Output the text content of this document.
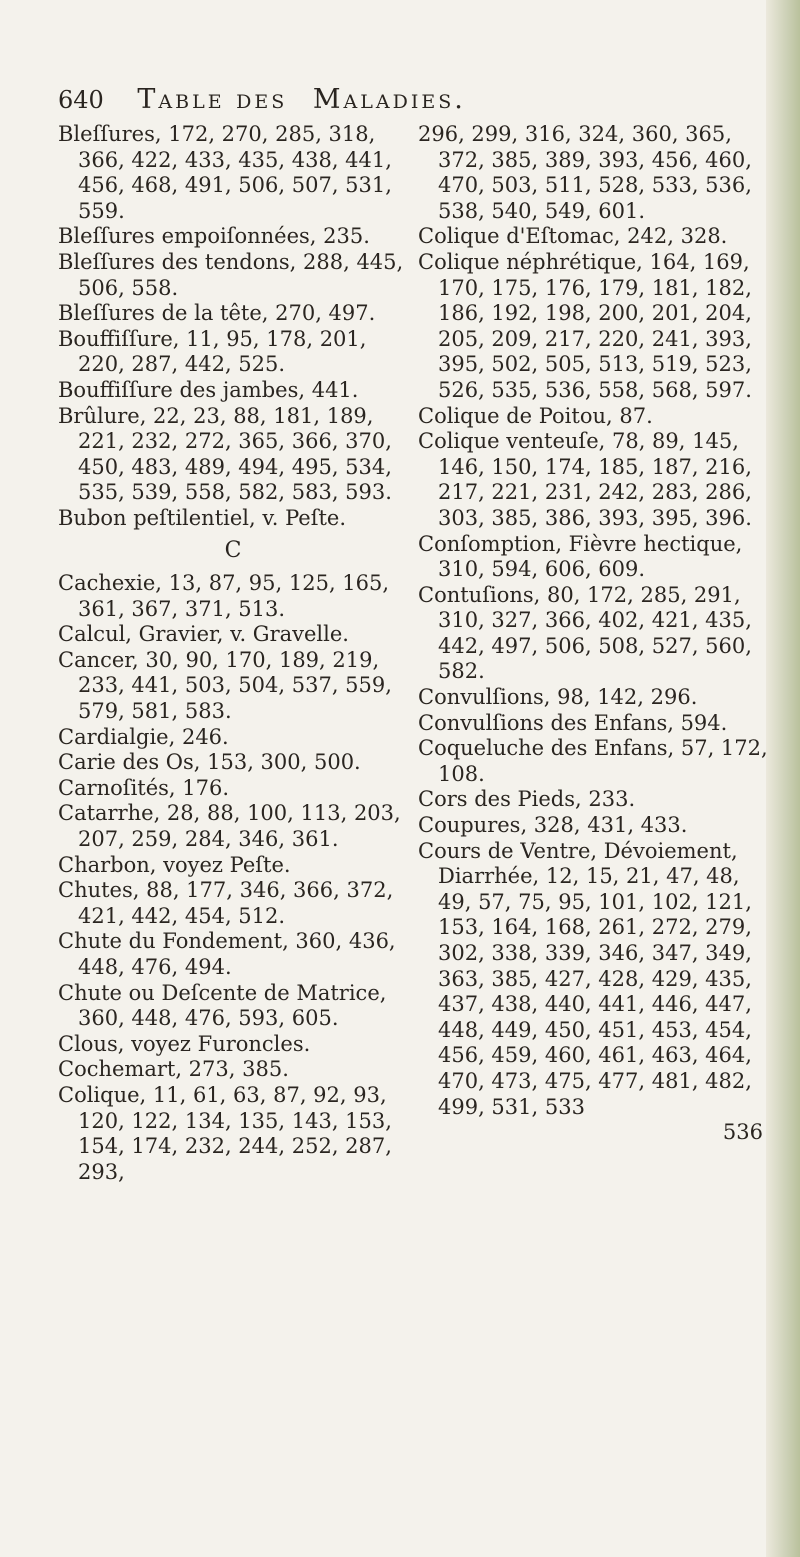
640 Table des Maladies.

Bleſſures, 172, 270, 285, 318, 366, 422, 433, 435, 438, 441, 456, 468, 491, 506, 507, 531, 559.

Bleſſures empoiſonnées, 235.

Bleſſures des tendons, 288, 445, 506, 558.

Bleſſures de la tête, 270, 497.

Bouffiſſure, 11, 95, 178, 201, 220, 287, 442, 525.

Bouffiſſure des jambes, 441.

Brûlure, 22, 23, 88, 181, 189, 221, 232, 272, 365, 366, 370, 450, 483, 489, 494, 495, 534, 535, 539, 558, 582, 583, 593.

Bubon peſtilentiel, v. Peſte.

C

Cachexie, 13, 87, 95, 125, 165, 361, 367, 371, 513.

Calcul, Gravier, v. Gravelle.

Cancer, 30, 90, 170, 189, 219, 233, 441, 503, 504, 537, 559, 579, 581, 583.

Cardialgie, 246.

Carie des Os, 153, 300, 500.

Carnoſités, 176.

Catarrhe, 28, 88, 100, 113, 203, 207, 259, 284, 346, 361.

Charbon, voyez Peſte.

Chutes, 88, 177, 346, 366, 372, 421, 442, 454, 512.

Chute du Fondement, 360, 436, 448, 476, 494.

Chute ou Deſcente de Matrice, 360, 448, 476, 593, 605.

Clous, voyez Furoncles.

Cochemart, 273, 385.

Colique, 11, 61, 63, 87, 92, 93, 120, 122, 134, 135, 143, 153, 154, 174, 232, 244, 252, 287, 293,

296, 299, 316, 324, 360, 365, 372, 385, 389, 393, 456, 460, 470, 503, 511, 528, 533, 536, 538, 540, 549, 601.

Colique d'Eſtomac, 242, 328.

Colique néphrétique, 164, 169, 170, 175, 176, 179, 181, 182, 186, 192, 198, 200, 201, 204, 205, 209, 217, 220, 241, 393, 395, 502, 505, 513, 519, 523, 526, 535, 536, 558, 568, 597.

Colique de Poitou, 87.

Colique venteuſe, 78, 89, 145, 146, 150, 174, 185, 187, 216, 217, 221, 231, 242, 283, 286, 303, 385, 386, 393, 395, 396.

Conſomption, Fièvre hectique, 310, 594, 606, 609.

Contuſions, 80, 172, 285, 291, 310, 327, 366, 402, 421, 435, 442, 497, 506, 508, 527, 560, 582.

Convulſions, 98, 142, 296.

Convulſions des Enfans, 594.

Coqueluche des Enfans, 57, 172, 108.

Cors des Pieds, 233.

Coupures, 328, 431, 433.

Cours de Ventre, Dévoiement, Diarrhée, 12, 15, 21, 47, 48, 49, 57, 75, 95, 101, 102, 121, 153, 164, 168, 261, 272, 279, 302, 338, 339, 346, 347, 349, 363, 385, 427, 428, 429, 435, 437, 438, 440, 441, 446, 447, 448, 449, 450, 451, 453, 454, 456, 459, 460, 461, 463, 464, 470, 473, 475, 477, 481, 482, 499, 531, 533

536
